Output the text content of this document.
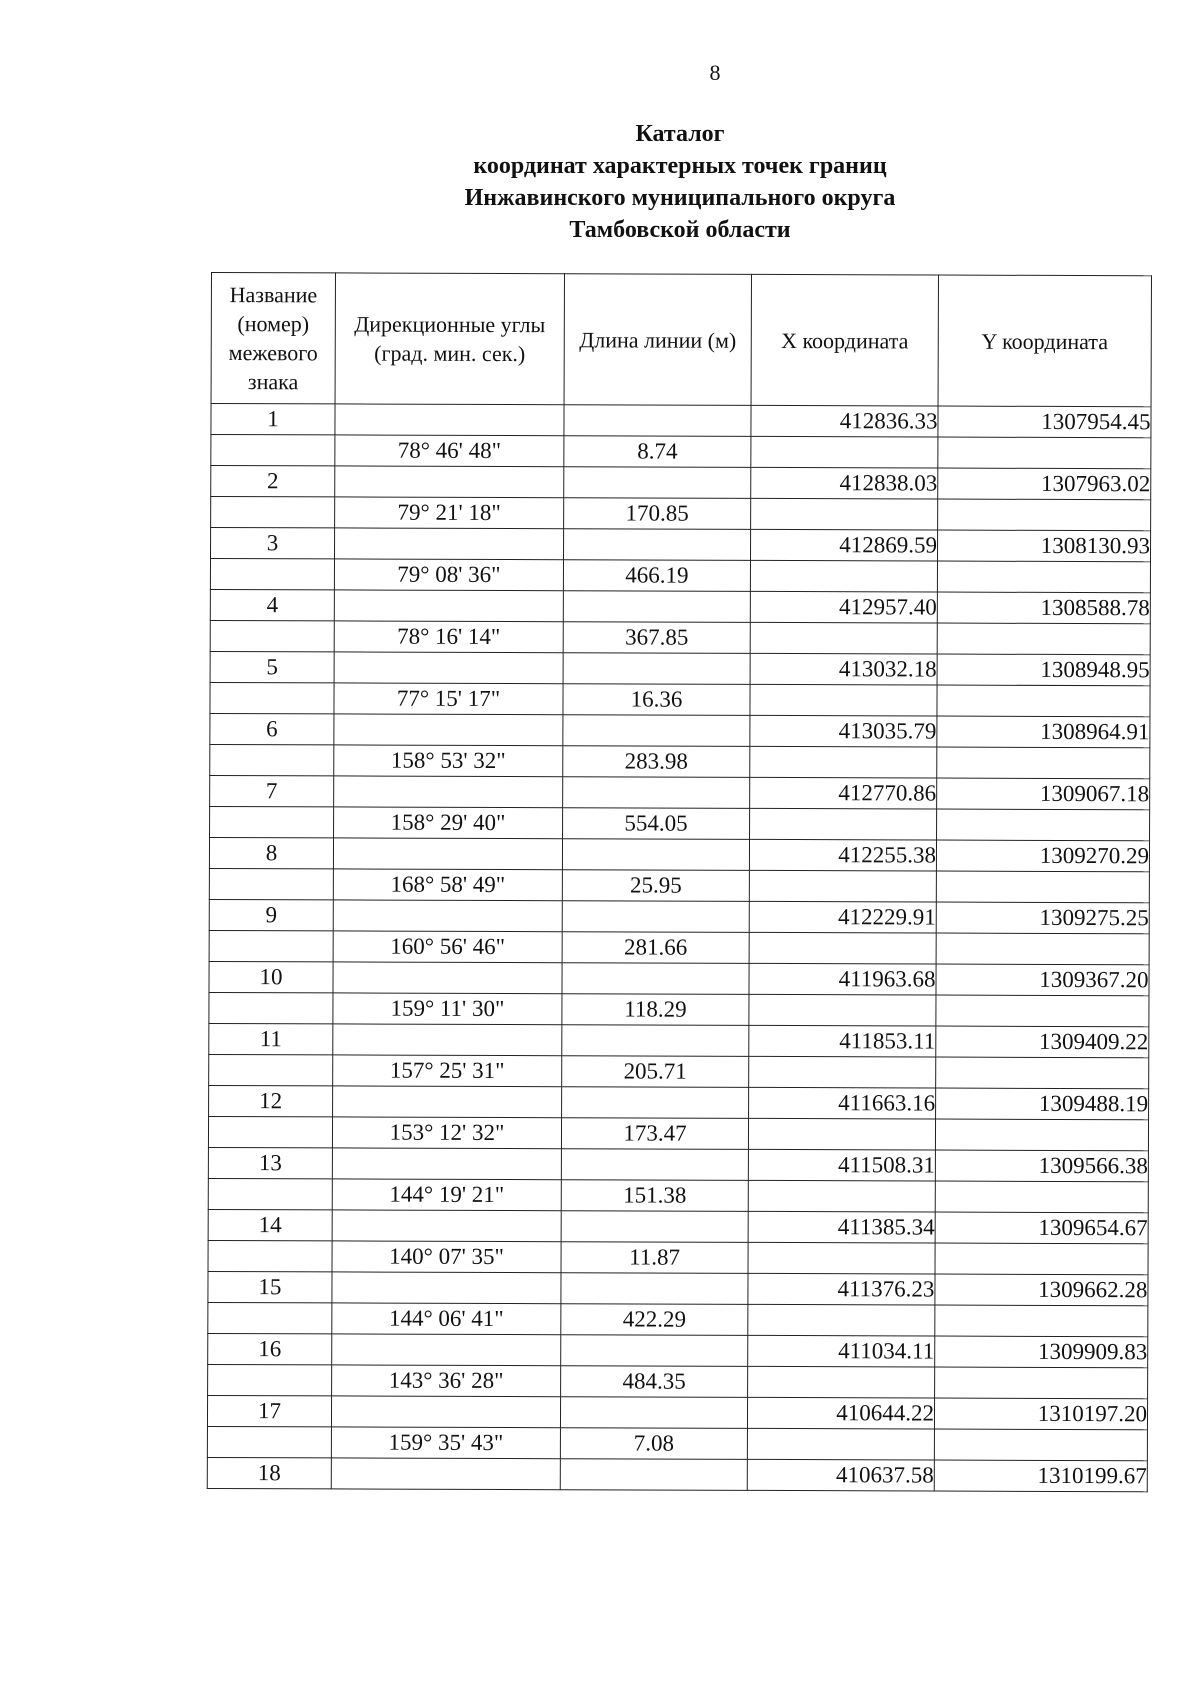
8
Каталог
координат характерных точек границ
Инжавинского муниципального округа
Тамбовской области
Название (номер) межевого знака	Дирекционные углы (град. мин. сек.)	Длина линии (м)	X координата	Y координата
1			412836.33	1307954.45
	78° 46' 48"	8.74		
2			412838.03	1307963.02
	79° 21' 18"	170.85		
3			412869.59	1308130.93
	79° 08' 36"	466.19		
4			412957.40	1308588.78
	78° 16' 14"	367.85		
5			413032.18	1308948.95
	77° 15' 17"	16.36		
6			413035.79	1308964.91
	158° 53' 32"	283.98		
7			412770.86	1309067.18
	158° 29' 40"	554.05		
8			412255.38	1309270.29
	168° 58' 49"	25.95		
9			412229.91	1309275.25
	160° 56' 46"	281.66		
10			411963.68	1309367.20
	159° 11' 30"	118.29		
11			411853.11	1309409.22
	157° 25' 31"	205.71		
12			411663.16	1309488.19
	153° 12' 32"	173.47		
13			411508.31	1309566.38
	144° 19' 21"	151.38		
14			411385.34	1309654.67
	140° 07' 35"	11.87		
15			411376.23	1309662.28
	144° 06' 41"	422.29		
16			411034.11	1309909.83
	143° 36' 28"	484.35		
17			410644.22	1310197.20
	159° 35' 43"	7.08		
18			410637.58	1310199.67
